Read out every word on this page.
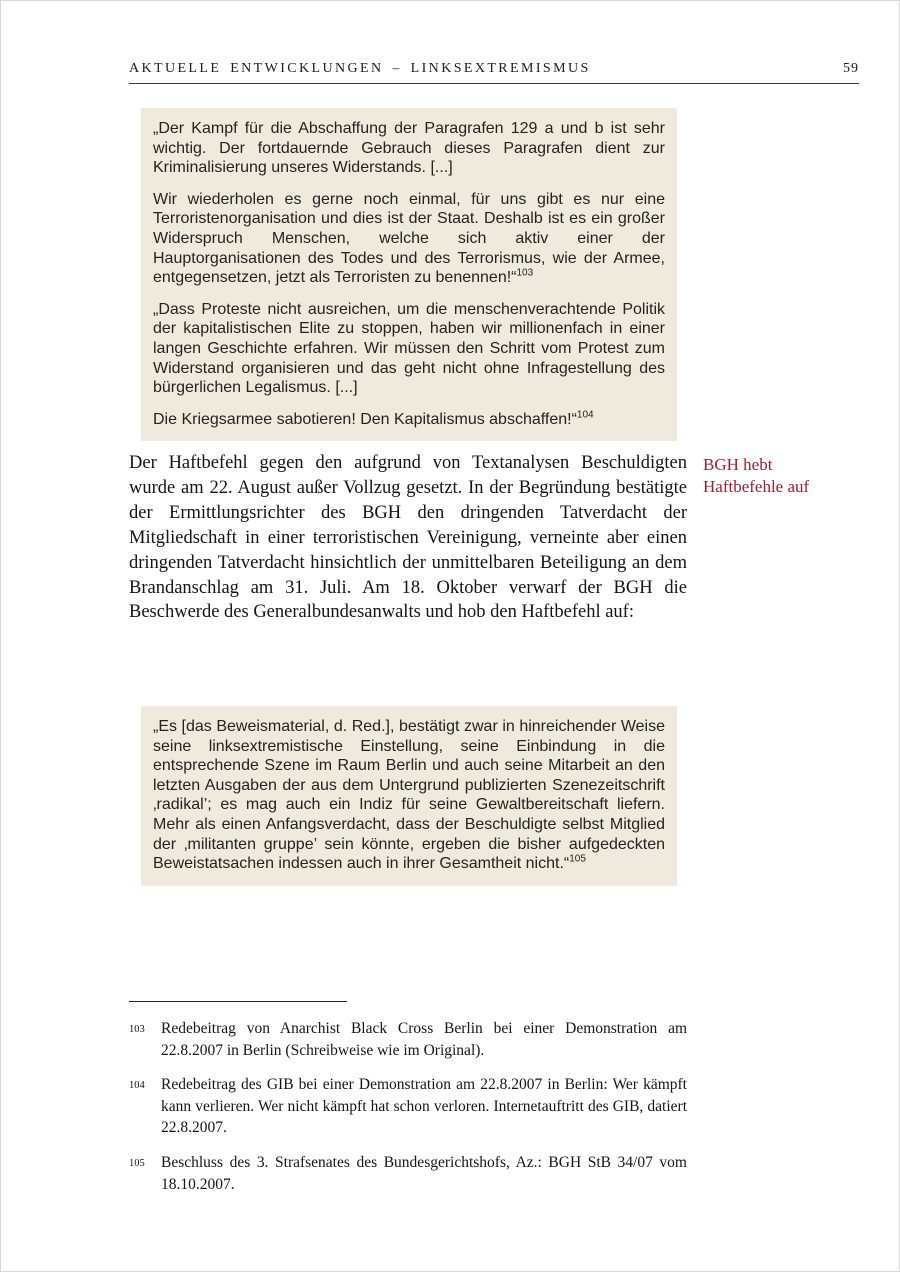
AKTUELLE ENTWICKLUNGEN – LINKSEXTREMISMUS	59

„Der Kampf für die Abschaffung der Paragrafen 129 a und b ist sehr wichtig. Der fortdauernde Gebrauch dieses Paragrafen dient zur Kriminalisierung unseres Widerstands. [...]

Wir wiederholen es gerne noch einmal, für uns gibt es nur eine Terroristenorganisation und dies ist der Staat. Deshalb ist es ein großer Widerspruch Menschen, welche sich aktiv einer der Hauptorganisationen des Todes und des Terrorismus, wie der Armee, entgegensetzen, jetzt als Terroristen zu benennen!“$^{103}$

„Dass Proteste nicht ausreichen, um die menschenverachtende Politik der kapitalistischen Elite zu stoppen, haben wir millionenfach in einer langen Geschichte erfahren. Wir müssen den Schritt vom Protest zum Widerstand organisieren und das geht nicht ohne Infragestellung des bürgerlichen Legalismus. [...]

Die Kriegsarmee sabotieren! Den Kapitalismus abschaffen!“$^{104}$

Der Haftbefehl gegen den aufgrund von Textanalysen Beschuldigten wurde am 22. August außer Vollzug gesetzt. In der Begründung bestätigte der Ermittlungsrichter des BGH den dringenden Tatverdacht der Mitgliedschaft in einer terroristischen Vereinigung, verneinte aber einen dringenden Tatverdacht hinsichtlich der unmittelbaren Beteiligung an dem Brandanschlag am 31. Juli. Am 18. Oktober verwarf der BGH die Beschwerde des Generalbundesanwalts und hob den Haftbefehl auf:
BGH hebt
Haftbefehle auf

„Es [das Beweismaterial, d. Red.], bestätigt zwar in hinreichender Weise seine linksextremistische Einstellung, seine Einbindung in die entsprechende Szene im Raum Berlin und auch seine Mitarbeit an den letzten Ausgaben der aus dem Untergrund publizierten Szenezeitschrift ‚radikal’; es mag auch ein Indiz für seine Gewaltbereitschaft liefern. Mehr als einen Anfangsverdacht, dass der Beschuldigte selbst Mitglied der ‚militanten gruppe’ sein könnte, ergeben die bisher aufgedeckten Beweistatsachen indessen auch in ihrer Gesamtheit nicht.“$^{105}$

103	Redebeitrag von Anarchist Black Cross Berlin bei einer Demonstration am 22.8.2007 in Berlin (Schreibweise wie im Original).
104	Redebeitrag des GIB bei einer Demonstration am 22.8.2007 in Berlin: Wer kämpft kann verlieren. Wer nicht kämpft hat schon verloren. Internetauftritt des GIB, datiert 22.8.2007.
105	Beschluss des 3. Strafsenates des Bundesgerichtshofs, Az.: BGH StB 34/07 vom 18.10.2007.
